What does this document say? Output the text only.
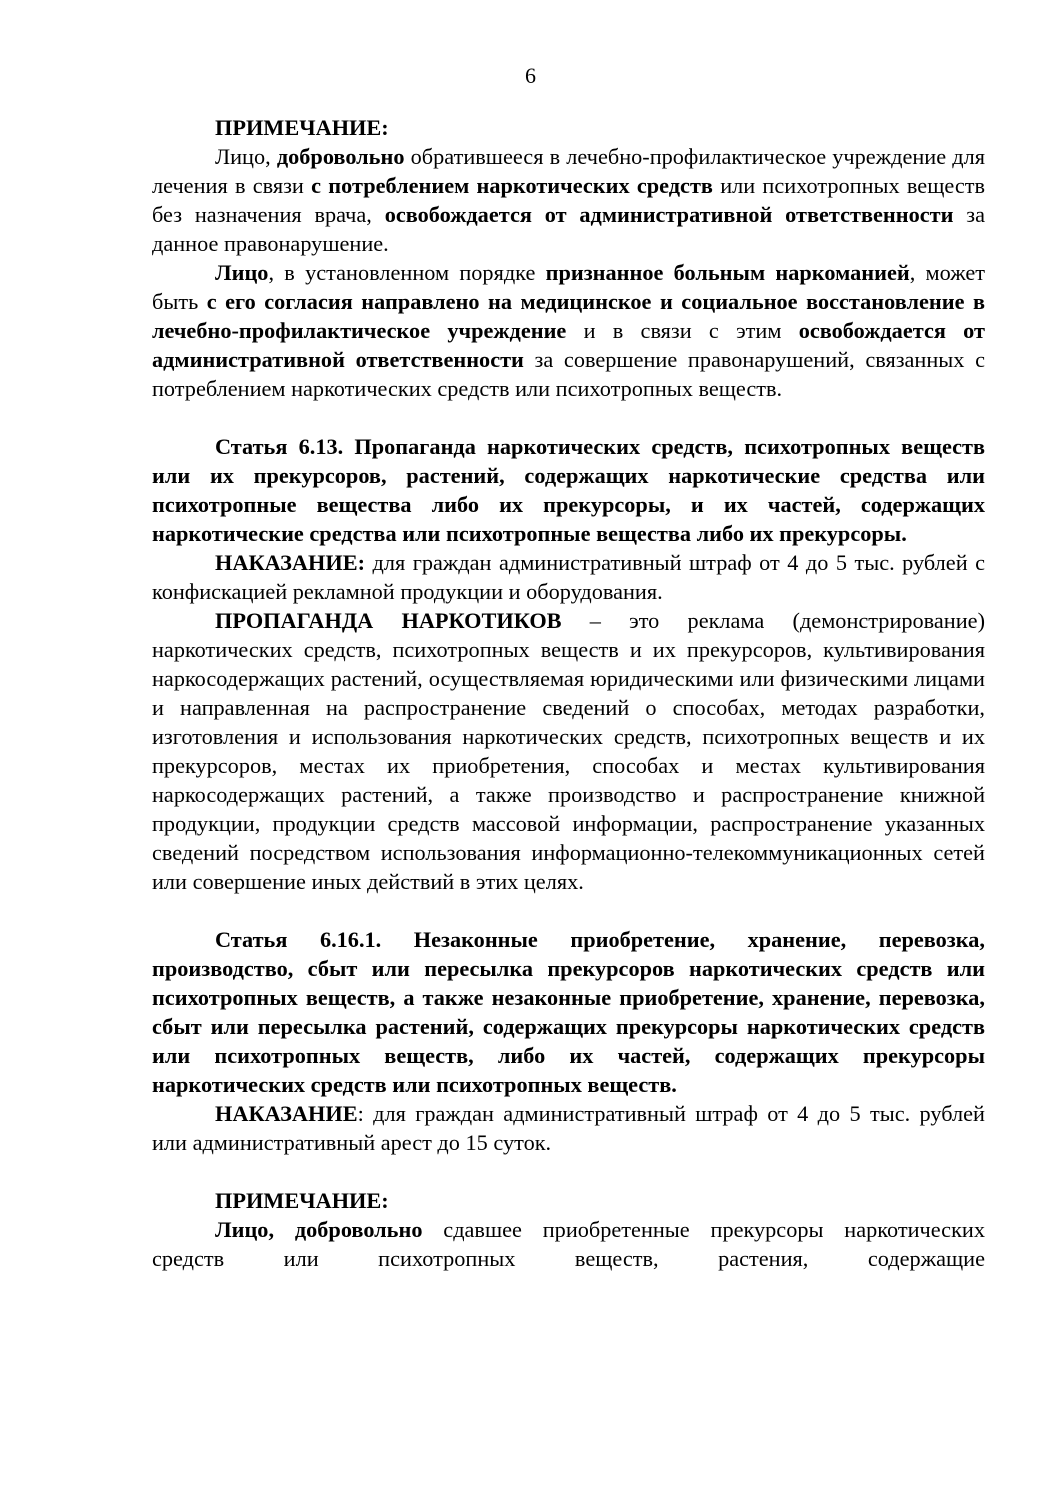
6

ПРИМЕЧАНИЕ:

Лицо, добровольно обратившееся в лечебно-профилактическое учреждение для лечения в связи с потреблением наркотических средств или психотропных веществ без назначения врача, освобождается от административной ответственности за данное правонарушение.

Лицо, в установленном порядке признанное больным наркоманией, может быть с его согласия направлено на медицинское и социальное восстановление в лечебно-профилактическое учреждение и в связи с этим освобождается от административной ответственности за совершение правонарушений, связанных с потреблением наркотических средств или психотропных веществ.

Статья 6.13. Пропаганда наркотических средств, психотропных веществ или их прекурсоров, растений, содержащих наркотические средства или психотропные вещества либо их прекурсоры, и их частей, содержащих наркотические средства или психотропные вещества либо их прекурсоры.

НАКАЗАНИЕ: для граждан административный штраф от 4 до 5 тыс. рублей с конфискацией рекламной продукции и оборудования.

ПРОПАГАНДА НАРКОТИКОВ – это реклама (демонстрирование) наркотических средств, психотропных веществ и их прекурсоров, культивирования наркосодержащих растений, осуществляемая юридическими или физическими лицами и направленная на распространение сведений о способах, методах разработки, изготовления и использования наркотических средств, психотропных веществ и их прекурсоров, местах их приобретения, способах и местах культивирования наркосодержащих растений, а также производство и распространение книжной продукции, продукции средств массовой информации, распространение указанных сведений посредством использования информационно-телекоммуникационных сетей или совершение иных действий в этих целях.

Статья 6.16.1. Незаконные приобретение, хранение, перевозка, производство, сбыт или пересылка прекурсоров наркотических средств или психотропных веществ, а также незаконные приобретение, хранение, перевозка, сбыт или пересылка растений, содержащих прекурсоры наркотических средств или психотропных веществ, либо их частей, содержащих прекурсоры наркотических средств или психотропных веществ.

НАКАЗАНИЕ: для граждан административный штраф от 4 до 5 тыс. рублей или административный арест до 15 суток.

ПРИМЕЧАНИЕ:

Лицо, добровольно сдавшее приобретенные прекурсоры наркотических средств или психотропных веществ, растения, содержащие
